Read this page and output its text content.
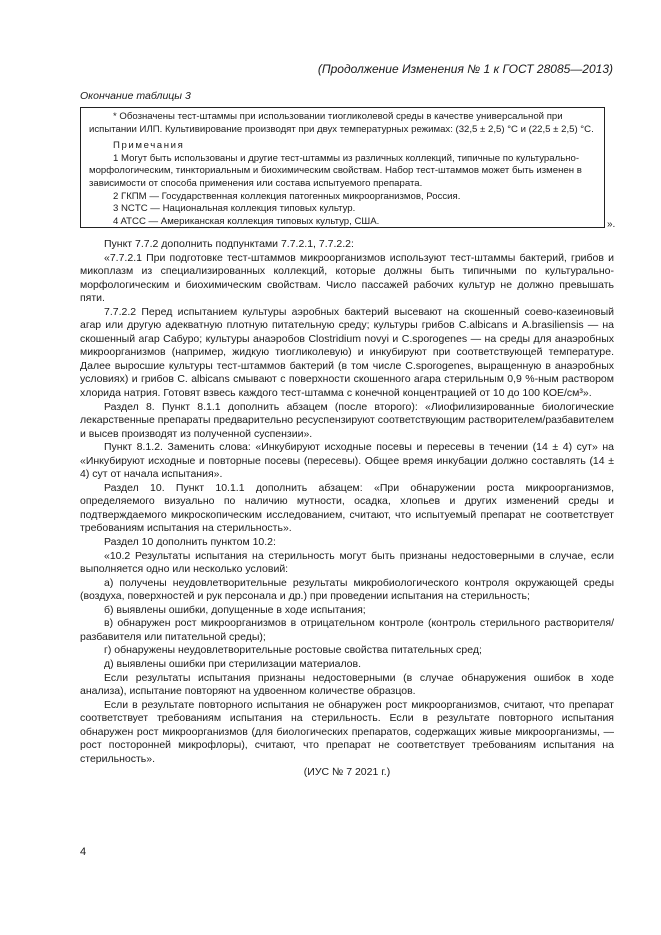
(Продолжение Изменения № 1 к ГОСТ 28085—2013)
Окончание таблицы 3

* Обозначены тест-штаммы при использовании тиогликолевой среды в качестве универсальной при испытании ИЛП. Культивирование производят при двух температурных режимах: (32,5 ± 2,5) °С и (22,5 ± 2,5) °С.

Примечания

1 Могут быть использованы и другие тест-штаммы из различных коллекций, типичные по культурально-морфологическим, тинкториальным и биохимическим свойствам. Набор тест-штаммов может быть изменен в зависимости от способа применения или состава испытуемого препарата.

2 ГКПМ — Государственная коллекция патогенных микроорганизмов, Россия.

3 NCTC — Национальная коллекция типовых культур.

4 ATCC — Американская коллекция типовых культур, США.	».

Пункт 7.7.2 дополнить подпунктами 7.7.2.1, 7.7.2.2:

«7.7.2.1 При подготовке тест-штаммов микроорганизмов используют тест-штаммы бактерий, грибов и микоплазм из специализированных коллекций, которые должны быть типичными по культурально-морфологическим и биохимическим свойствам. Число пассажей рабочих культур не должно превышать пяти.

7.7.2.2 Перед испытанием культуры аэробных бактерий высевают на скошенный соево-казеиновый агар или другую адекватную плотную питательную среду; культуры грибов C.albicans и A.brasiliensis — на скошенный агар Сабуро; культуры анаэробов Clostridium novyi и C.sporogenes — на среды для анаэробных микроорганизмов (например, жидкую тиогликолевую) и инкубируют при соответствующей температуре. Далее выросшие культуры тест-штаммов бактерий (в том числе C.sporogenes, выращенную в анаэробных условиях) и грибов C. albicans смывают с поверхности скошенного агара стерильным 0,9 %-ным раствором хлорида натрия. Готовят взвесь каждого тест-штамма с конечной концентрацией от 10 до 100 КОЕ/см³».

Раздел 8. Пункт 8.1.1 дополнить абзацем (после второго): «Лиофилизированные биологические лекарственные препараты предварительно ресуспензируют соответствующим растворителем/разбавителем и высев производят из полученной суспензии».

Пункт 8.1.2. Заменить слова: «Инкубируют исходные посевы и пересевы в течении (14 ± 4) сут» на «Инкубируют исходные и повторные посевы (пересевы). Общее время инкубации должно составлять (14 ± 4) сут от начала испытания».

Раздел 10. Пункт 10.1.1 дополнить абзацем: «При обнаружении роста микроорганизмов, определяемого визуально по наличию мутности, осадка, хлопьев и других изменений среды и подтверждаемого микроскопическим исследованием, считают, что испытуемый препарат не соответствует требованиям испытания на стерильность».

Раздел 10 дополнить пунктом 10.2:

«10.2 Результаты испытания на стерильность могут быть признаны недостоверными в случае, если выполняется одно или несколько условий:

а) получены неудовлетворительные результаты микробиологического контроля окружающей среды (воздуха, поверхностей и рук персонала и др.) при проведении испытания на стерильность;

б) выявлены ошибки, допущенные в ходе испытания;

в) обнаружен рост микроорганизмов в отрицательном контроле (контроль стерильного растворителя/разбавителя или питательной среды);

г) обнаружены неудовлетворительные ростовые свойства питательных сред;

д) выявлены ошибки при стерилизации материалов.

Если результаты испытания признаны недостоверными (в случае обнаружения ошибок в ходе анализа), испытание повторяют на удвоенном количестве образцов.

Если в результате повторного испытания не обнаружен рост микроорганизмов, считают, что препарат соответствует требованиям испытания на стерильность. Если в результате повторного испытания обнаружен рост микроорганизмов (для биологических препаратов, содержащих живые микроорганизмы, — рост посторонней микрофлоры), считают, что препарат не соответствует требованиям испытания на стерильность».

(ИУС № 7 2021 г.)

4
